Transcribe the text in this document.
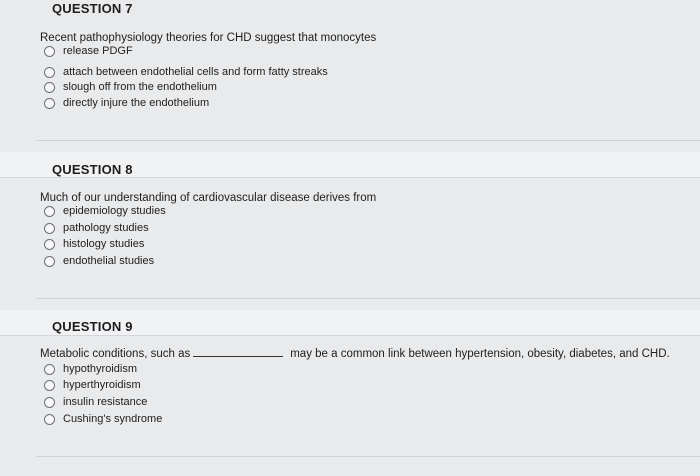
QUESTION 7
Recent pathophysiology theories for CHD suggest that monocytes
release PDGF
attach between endothelial cells and form fatty streaks
slough off from the endothelium
directly injure the endothelium
QUESTION 8
Much of our understanding of cardiovascular disease derives from
epidemiology studies
pathology studies
histology studies
endothelial studies
QUESTION 9
Metabolic conditions, such as	may be a common link between hypertension, obesity, diabetes, and CHD.
hypothyroidism
hyperthyroidism
insulin resistance
Cushing's syndrome
